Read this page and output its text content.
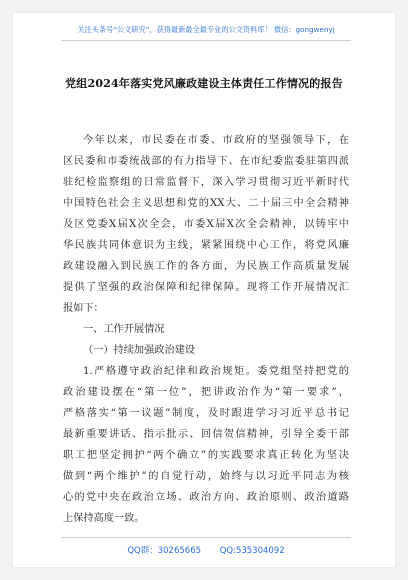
关注头条号“公文研究”，获得最新最全最专业的公文资料库！ 微信：gongwenyj
党组2024年落实党风廉政建设主体责任工作情况的报告
今年以来，市民委在市委、市政府的坚强领导下，在
区民委和市委统战部的有力指导下、在市纪委监委驻第四派
驻纪检监察组的日常监督下，深入学习贯彻习近平新时代
中国特色社会主义思想和党的XX大、二十届三中全会精神
及区党委X届X次全会，市委X届X次全会精神，以铸牢中
华民族共同体意识为主线，紧紧围绕中心工作，将党风廉
政建设融入到民族工作的各方面，为民族工作高质量发展
提供了坚强的政治保障和纪律保障。现将工作开展情况汇
报如下：
一、工作开展情况
（一）持续加强政治建设
1.严格遵守政治纪律和政治规矩。委党组坚持把党的
政治建设摆在“第一位”，把讲政治作为“第一要求”，
严格落实“第一议题”制度，及时跟进学习习近平总书记
最新重要讲话、指示批示、回信贺信精神，引导全委干部
职工把坚定拥护“两个确立”的实践要求真正转化为坚决
做到“两个维护”的自觉行动，始终与以习近平同志为核
心的党中央在政治立场、政治方向、政治原则、政治道路
上保持高度一致。
QQ群：30265665 QQ:535304092
